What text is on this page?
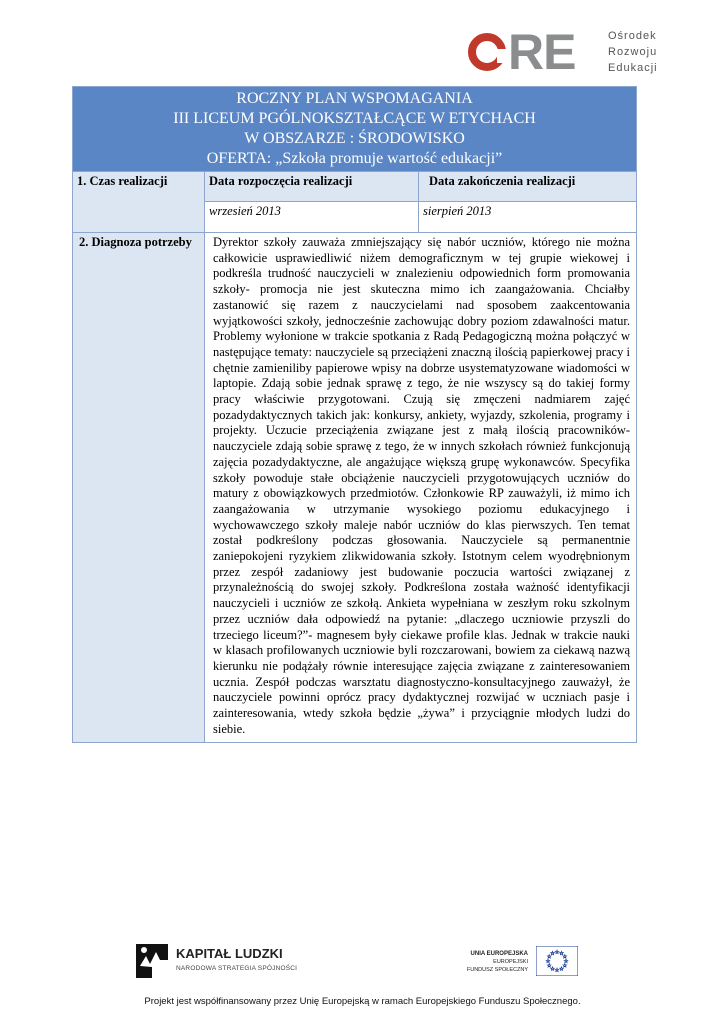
RE	Ośrodek
Rozwoju
Edukacji
ROCZNY PLAN WSPOMAGANIA
III LICEUM PGÓLNOKSZTAŁCĄCE W ETYCHACH
W OBSZARZE : ŚRODOWISKO
OFERTA: „Szkoła promuje wartość edukacji”		

1. Czas realizacji	Data rozpoczęcia realizacji	Data zakończenia realizacji
	wrzesień 2013	sierpień 2013
2. Diagnoza potrzeby	Dyrektor szkoły zauważa zmniejszający się nabór uczniów, którego nie można całkowicie usprawiedliwić niżem demograficznym w tej grupie wiekowej i podkreśla trudność nauczycieli w znalezieniu odpowiednich form promowania szkoły- promocja nie jest skuteczna mimo ich zaangażowania. Chciałby zastanowić się razem z nauczycielami nad sposobem zaakcentowania wyjątkowości szkoły, jednocześnie zachowując dobry poziom zdawalności matur. Problemy wyłonione w trakcie spotkania z Radą Pedagogiczną można połączyć w następujące tematy: nauczyciele są przeciążeni znaczną ilością papierkowej pracy i chętnie zamieniliby papierowe wpisy na dobrze usystematyzowane wiadomości w laptopie. Zdają sobie jednak sprawę z tego, że nie wszyscy są do takiej formy pracy właściwie przygotowani. Czują się zmęczeni nadmiarem zajęć pozadydaktycznych takich jak: konkursy, ankiety, wyjazdy, szkolenia, programy i projekty. Uczucie przeciążenia związane jest z małą ilością pracowników- nauczyciele zdają sobie sprawę z tego, że w innych szkołach również funkcjonują zajęcia pozadydaktyczne, ale angażujące większą grupę wykonawców. Specyfika szkoły powoduje stałe obciążenie nauczycieli przygotowujących uczniów do matury z obowiązkowych przedmiotów. Członkowie RP zauważyli, iż mimo ich zaangażowania w utrzymanie wysokiego poziomu edukacyjnego i wychowawczego szkoły maleje nabór uczniów do klas pierwszych. Ten temat został podkreślony podczas głosowania. Nauczyciele są permanentnie zaniepokojeni ryzykiem zlikwidowania szkoły. Istotnym celem wyodrębnionym przez zespół zadaniowy jest budowanie poczucia wartości związanej z przynależnością do swojej szkoły. Podkreślona została ważność identyfikacji nauczycieli i uczniów ze szkołą. Ankieta wypełniana w zeszłym roku szkolnym przez uczniów dała odpowiedź na pytanie: „dlaczego uczniowie przyszli do trzeciego liceum?”- magnesem były ciekawe profile klas. Jednak w trakcie nauki w klasach profilowanych uczniowie byli rozczarowani, bowiem za ciekawą nazwą kierunku nie podążały równie interesujące zajęcia związane z zainteresowaniem ucznia. Zespół podczas warsztatu diagnostyczno-konsultacyjnego zauważył, że nauczyciele powinni oprócz pracy dydaktycznej rozwijać w uczniach pasje i zainteresowania, wtedy szkoła będzie „żywa” i przyciągnie młodych ludzi do siebie.	
KAPITAŁ LUDZKI
NARODOWA STRATEGIA SPÓJNOŚCI
UNIA EUROPEJSKA
EUROPEJSKI
FUNDUSZ SPOŁECZNY
Projekt jest współfinansowany przez Unię Europejską w ramach Europejskiego Funduszu Społecznego.
